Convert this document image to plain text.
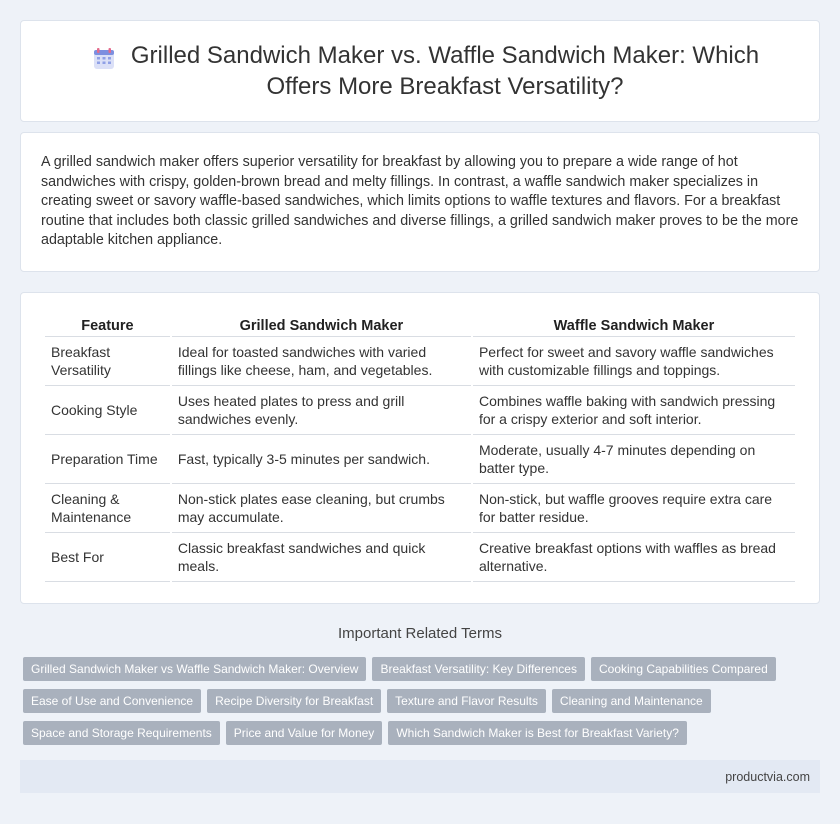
Grilled Sandwich Maker vs. Waffle Sandwich Maker: Which Offers More Breakfast Versatility?

A grilled sandwich maker offers superior versatility for breakfast by allowing you to prepare a wide range of hot sandwiches with crispy, golden-brown bread and melty fillings. In contrast, a waffle sandwich maker specializes in creating sweet or savory waffle-based sandwiches, which limits options to waffle textures and flavors. For a breakfast routine that includes both classic grilled sandwiches and diverse fillings, a grilled sandwich maker proves to be the more adaptable kitchen appliance.

Feature	Grilled Sandwich Maker	Waffle Sandwich Maker
Breakfast Versatility	Ideal for toasted sandwiches with varied fillings like cheese, ham, and vegetables.	Perfect for sweet and savory waffle sandwiches with customizable fillings and toppings.
Cooking Style	Uses heated plates to press and grill sandwiches evenly.	Combines waffle baking with sandwich pressing for a crispy exterior and soft interior.
Preparation Time	Fast, typically 3-5 minutes per sandwich.	Moderate, usually 4-7 minutes depending on batter type.
Cleaning & Maintenance	Non-stick plates ease cleaning, but crumbs may accumulate.	Non-stick, but waffle grooves require extra care for batter residue.
Best For	Classic breakfast sandwiches and quick meals.	Creative breakfast options with waffles as bread alternative.
Important Related Terms
Grilled Sandwich Maker vs Waffle Sandwich Maker: Overview	Breakfast Versatility: Key Differences	Cooking Capabilities Compared
Ease of Use and Convenience	Recipe Diversity for Breakfast	Texture and Flavor Results	Cleaning and Maintenance
Space and Storage Requirements	Price and Value for Money	Which Sandwich Maker is Best for Breakfast Variety?
productvia.com
